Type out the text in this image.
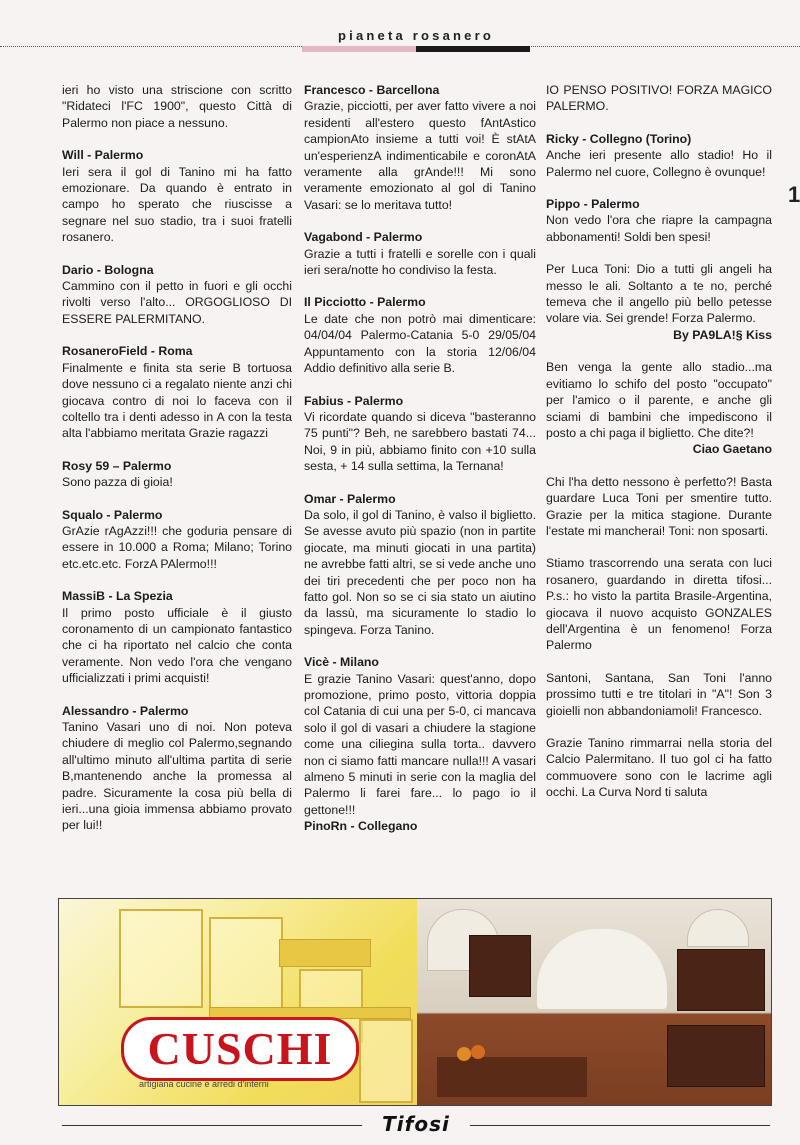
pianeta rosanero
1
ieri ho visto una striscione con scritto "Ridateci l'FC 1900", questo Città di Palermo non piace a nessuno.
Will - Palermo
Ieri sera il gol di Tanino mi ha fatto emozionare. Da quando è entrato in campo ho sperato che riuscisse a segnare nel suo stadio, tra i suoi fratelli rosanero.
Dario - Bologna
Cammino con il petto in fuori e gli occhi rivolti verso l'alto... ORGOGLIOSO DI ESSERE PALERMITANO.
RosaneroField - Roma
Finalmente e finita sta serie B tortuosa dove nessuno ci a regalato niente anzi chi giocava contro di noi lo faceva con il coltello tra i denti adesso in A con la testa alta l'abbiamo meritata Grazie ragazzi
Rosy 59 – Palermo
Sono pazza di gioia!
Squalo - Palermo
GrAzie rAgAzzi!!! che goduria pensare di essere in 10.000 a Roma; Milano; Torino etc.etc.etc. ForzA PAlermo!!!
MassiB - La Spezia
Il primo posto ufficiale è il giusto coronamento di un campionato fantastico che ci ha riportato nel calcio che conta veramente. Non vedo l'ora che vengano ufficializzati i primi acquisti!
Alessandro - Palermo
Tanino Vasari uno di noi. Non poteva chiudere di meglio col Palermo,segnando all'ultimo minuto all'ultima partita di serie B,mantenendo anche la promessa al padre. Sicuramente la cosa più bella di ieri...una gioia immensa abbiamo provato per lui!!
Francesco - Barcellona
Grazie, picciotti, per aver fatto vivere a noi residenti all'estero questo fAntAstico campionAto insieme a tutti voi! È stAtA un'esperienzA indimenticabile e coronAtA veramente alla grAnde!!! Mi sono veramente emozionato al gol di Tanino Vasari: se lo meritava tutto!
Vagabond - Palermo
Grazie a tutti i fratelli e sorelle con i quali ieri sera/notte ho condiviso la festa.
Il Picciotto - Palermo
Le date che non potrò mai dimenticare: 04/04/04 Palermo-Catania 5-0 29/05/04 Appuntamento con la storia 12/06/04 Addio definitivo alla serie B.
Fabius - Palermo
Vi ricordate quando si diceva "basteranno 75 punti"? Beh, ne sarebbero bastati 74... Noi, 9 in più, abbiamo finito con +10 sulla sesta, + 14 sulla settima, la Ternana!
Omar - Palermo
Da solo, il gol di Tanino, è valso il biglietto. Se avesse avuto più spazio (non in partite giocate, ma minuti giocati in una partita) ne avrebbe fatti altri, se si vede anche uno dei tiri precedenti che per poco non ha fatto gol. Non so se ci sia stato un aiutino da lassù, ma sicuramente lo stadio lo spingeva. Forza Tanino.
Vicè - Milano
E grazie Tanino Vasari: quest'anno, dopo promozione, primo posto, vittoria doppia col Catania di cui una per 5-0, ci mancava solo il gol di vasari a chiudere la stagione come una ciliegina sulla torta.. davvero non ci siamo fatti mancare nulla!!! A vasari almeno 5 minuti in serie con la maglia del Palermo li farei fare... lo pago io il gettone!!!
PinoRn - Collegano
IO PENSO POSITIVO! FORZA MAGICO PALERMO.
Ricky - Collegno (Torino)
Anche ieri presente allo stadio! Ho il Palermo nel cuore, Collegno è ovunque!
Pippo - Palermo
Non vedo l'ora che riapre la campagna abbonamenti! Soldi ben spesi!
Per Luca Toni: Dio a tutti gli angeli ha messo le ali. Soltanto a te no, perché temeva che il angello più bello petesse volare via. Sei grende! Forza Palermo.
By PA9LA!§ Kiss
Ben venga la gente allo stadio...ma evitiamo lo schifo del posto "occupato" per l'amico o il parente, e anche gli sciami di bambini che impediscono il posto a chi paga il biglietto. Che dite?!
Ciao Gaetano
Chi l'ha detto nessono è perfetto?! Basta guardare Luca Toni per smentire tutto. Grazie per la mitica stagione. Durante l'estate mi mancherai! Toni: non sposarti.
Stiamo trascorrendo una serata con luci rosanero, guardando in diretta tifosi... P.s.: ho visto la partita Brasile-Argentina, giocava il nuovo acquisto GONZALES dell'Argentina è un fenomeno! Forza Palermo
Santoni, Santana, San Toni l'anno prossimo tutti e tre titolari in "A"! Son 3 gioielli non abbandoniamoli! Francesco.
Grazie Tanino rimmarrai nella storia del Calcio Palermitano. Il tuo gol ci ha fatto commuovere sono con le lacrime agli occhi. La Curva Nord ti saluta
CUSCHI
artigiana cucine e arredi d'interni
Tifosi
